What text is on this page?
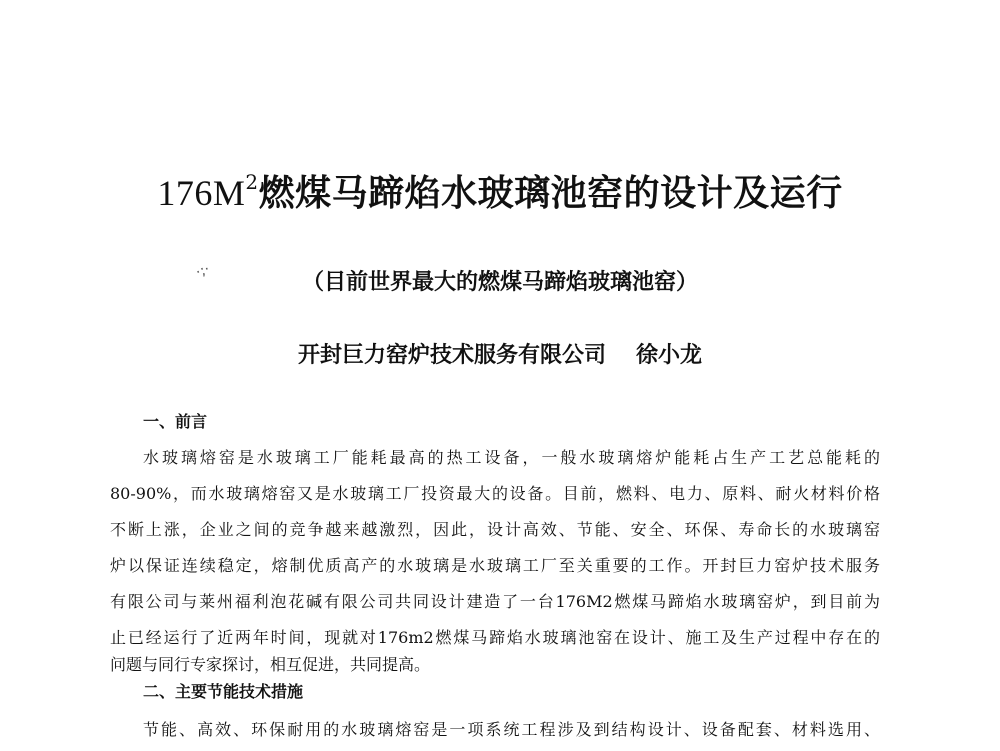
$176M^2$燃煤马蹄焰水玻璃池窑的设计及运行
·;·	（目前世界最大的燃煤马蹄焰玻璃池窑）
开封巨力窑炉技术服务有限公司 徐小龙
一、前言
水玻璃熔窑是水玻璃工厂能耗最高的热工设备，一般水玻璃熔炉能耗占生产工艺总能耗的
80-90%，而水玻璃熔窑又是水玻璃工厂投资最大的设备。目前，燃料、电力、原料、耐火材料价格
不断上涨，企业之间的竞争越来越激烈，因此，设计高效、节能、安全、环保、寿命长的水玻璃窑
炉以保证连续稳定，熔制优质高产的水玻璃是水玻璃工厂至关重要的工作。开封巨力窑炉技术服务
有限公司与莱州福利泡花碱有限公司共同设计建造了一台176M2燃煤马蹄焰水玻璃窑炉，到目前为
止已经运行了近两年时间，现就对176m2燃煤马蹄焰水玻璃池窑在设计、施工及生产过程中存在的
问题与同行专家探讨，相互促进，共同提高。
二、主要节能技术措施
节能、高效、环保耐用的水玻璃熔窑是一项系统工程涉及到结构设计、设备配套、材料选用、
